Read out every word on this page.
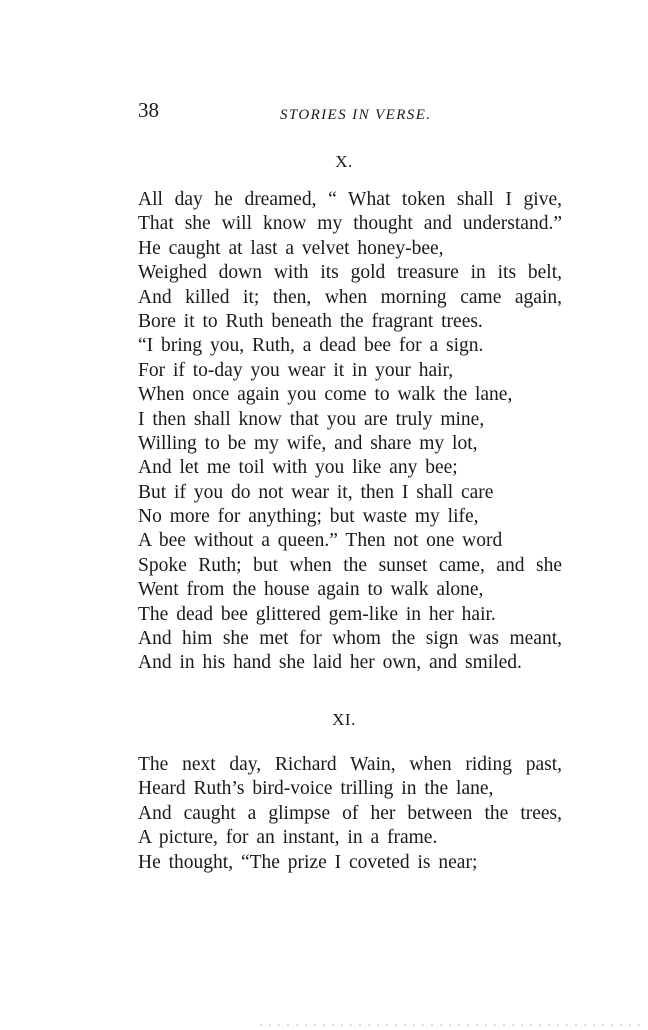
38	STORIES IN VERSE.
X.
All day he dreamed, “ What token shall I give,
That she will know my thought and understand.”
He caught at last a velvet honey-bee,
Weighed down with its gold treasure in its belt,
And killed it; then, when morning came again,
Bore it to Ruth beneath the fragrant trees.
“I bring you, Ruth, a dead bee for a sign.
For if to-day you wear it in your hair,
When once again you come to walk the lane,
I then shall know that you are truly mine,
Willing to be my wife, and share my lot,
And let me toil with you like any bee;
But if you do not wear it, then I shall care
No more for anything; but waste my life,
A bee without a queen.” Then not one word
Spoke Ruth; but when the sunset came, and she
Went from the house again to walk alone,
The dead bee glittered gem-like in her hair.
And him she met for whom the sign was meant,
And in his hand she laid her own, and smiled.
XI.
The next day, Richard Wain, when riding past,
Heard Ruth’s bird-voice trilling in the lane,
And caught a glimpse of her between the trees,
A picture, for an instant, in a frame.
He thought, “The prize I coveted is near;
